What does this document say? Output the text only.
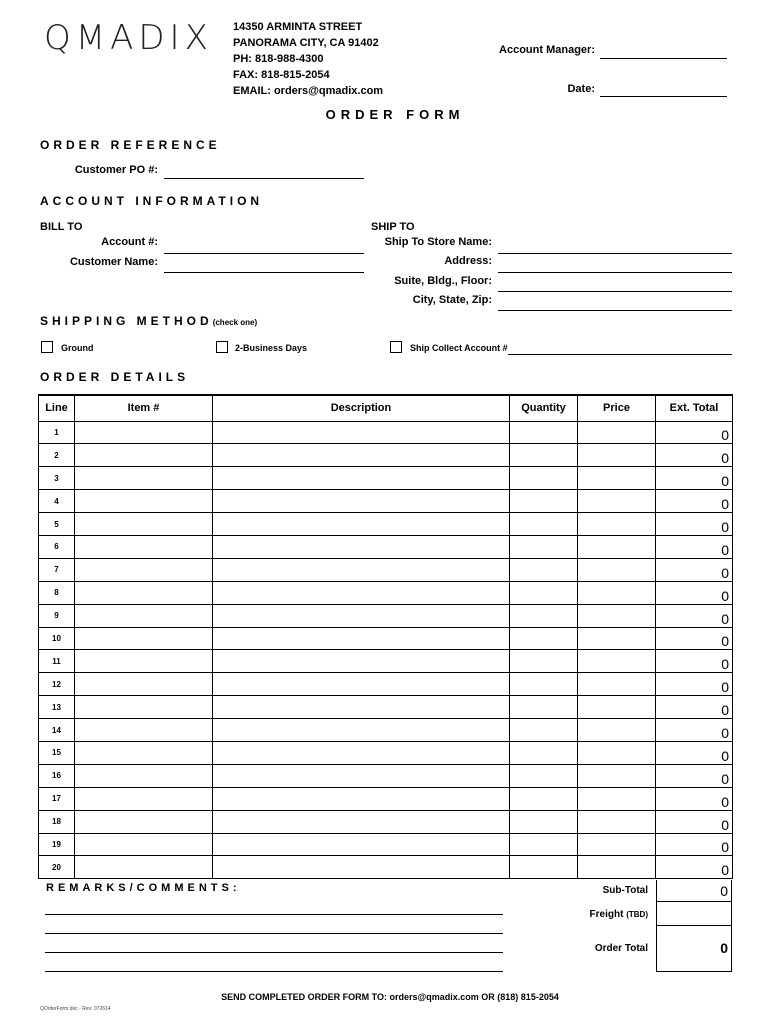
QMADIX 14350 ARMINTA STREET
PANORAMA CITY, CA 91402
PH: 818-988-4300
FAX: 818-815-2054
EMAIL: orders@qmadix.com
Account Manager:
Date:
ORDER FORM
ORDER REFERENCE
Customer PO #:
ACCOUNT INFORMATION
BILL TO
Account #:
Customer Name:
SHIP TO
Ship To Store Name:
Address:
Suite, Bldg., Floor:
City, State, Zip:
SHIPPING METHOD(check one)
Ground	2-Business Days	Ship Collect Account #
ORDER DETAILS
Line	Item #	Description	Quantity	Price	Ext. Total
1					0
2					0
3					0
4					0
5					0
6					0
7					0
8					0
9					0
10					0
11					0
12					0
13					0
14					0
15					0
16					0
17					0
18					0
19					0
20					0
REMARKS/COMMENTS:	Sub-Total	0
Freight (TBD)
Order Total	0
SEND COMPLETED ORDER FORM TO: orders@qmadix.com OR (818) 815-2054
QOrderForm.doc - Rev: 072614
